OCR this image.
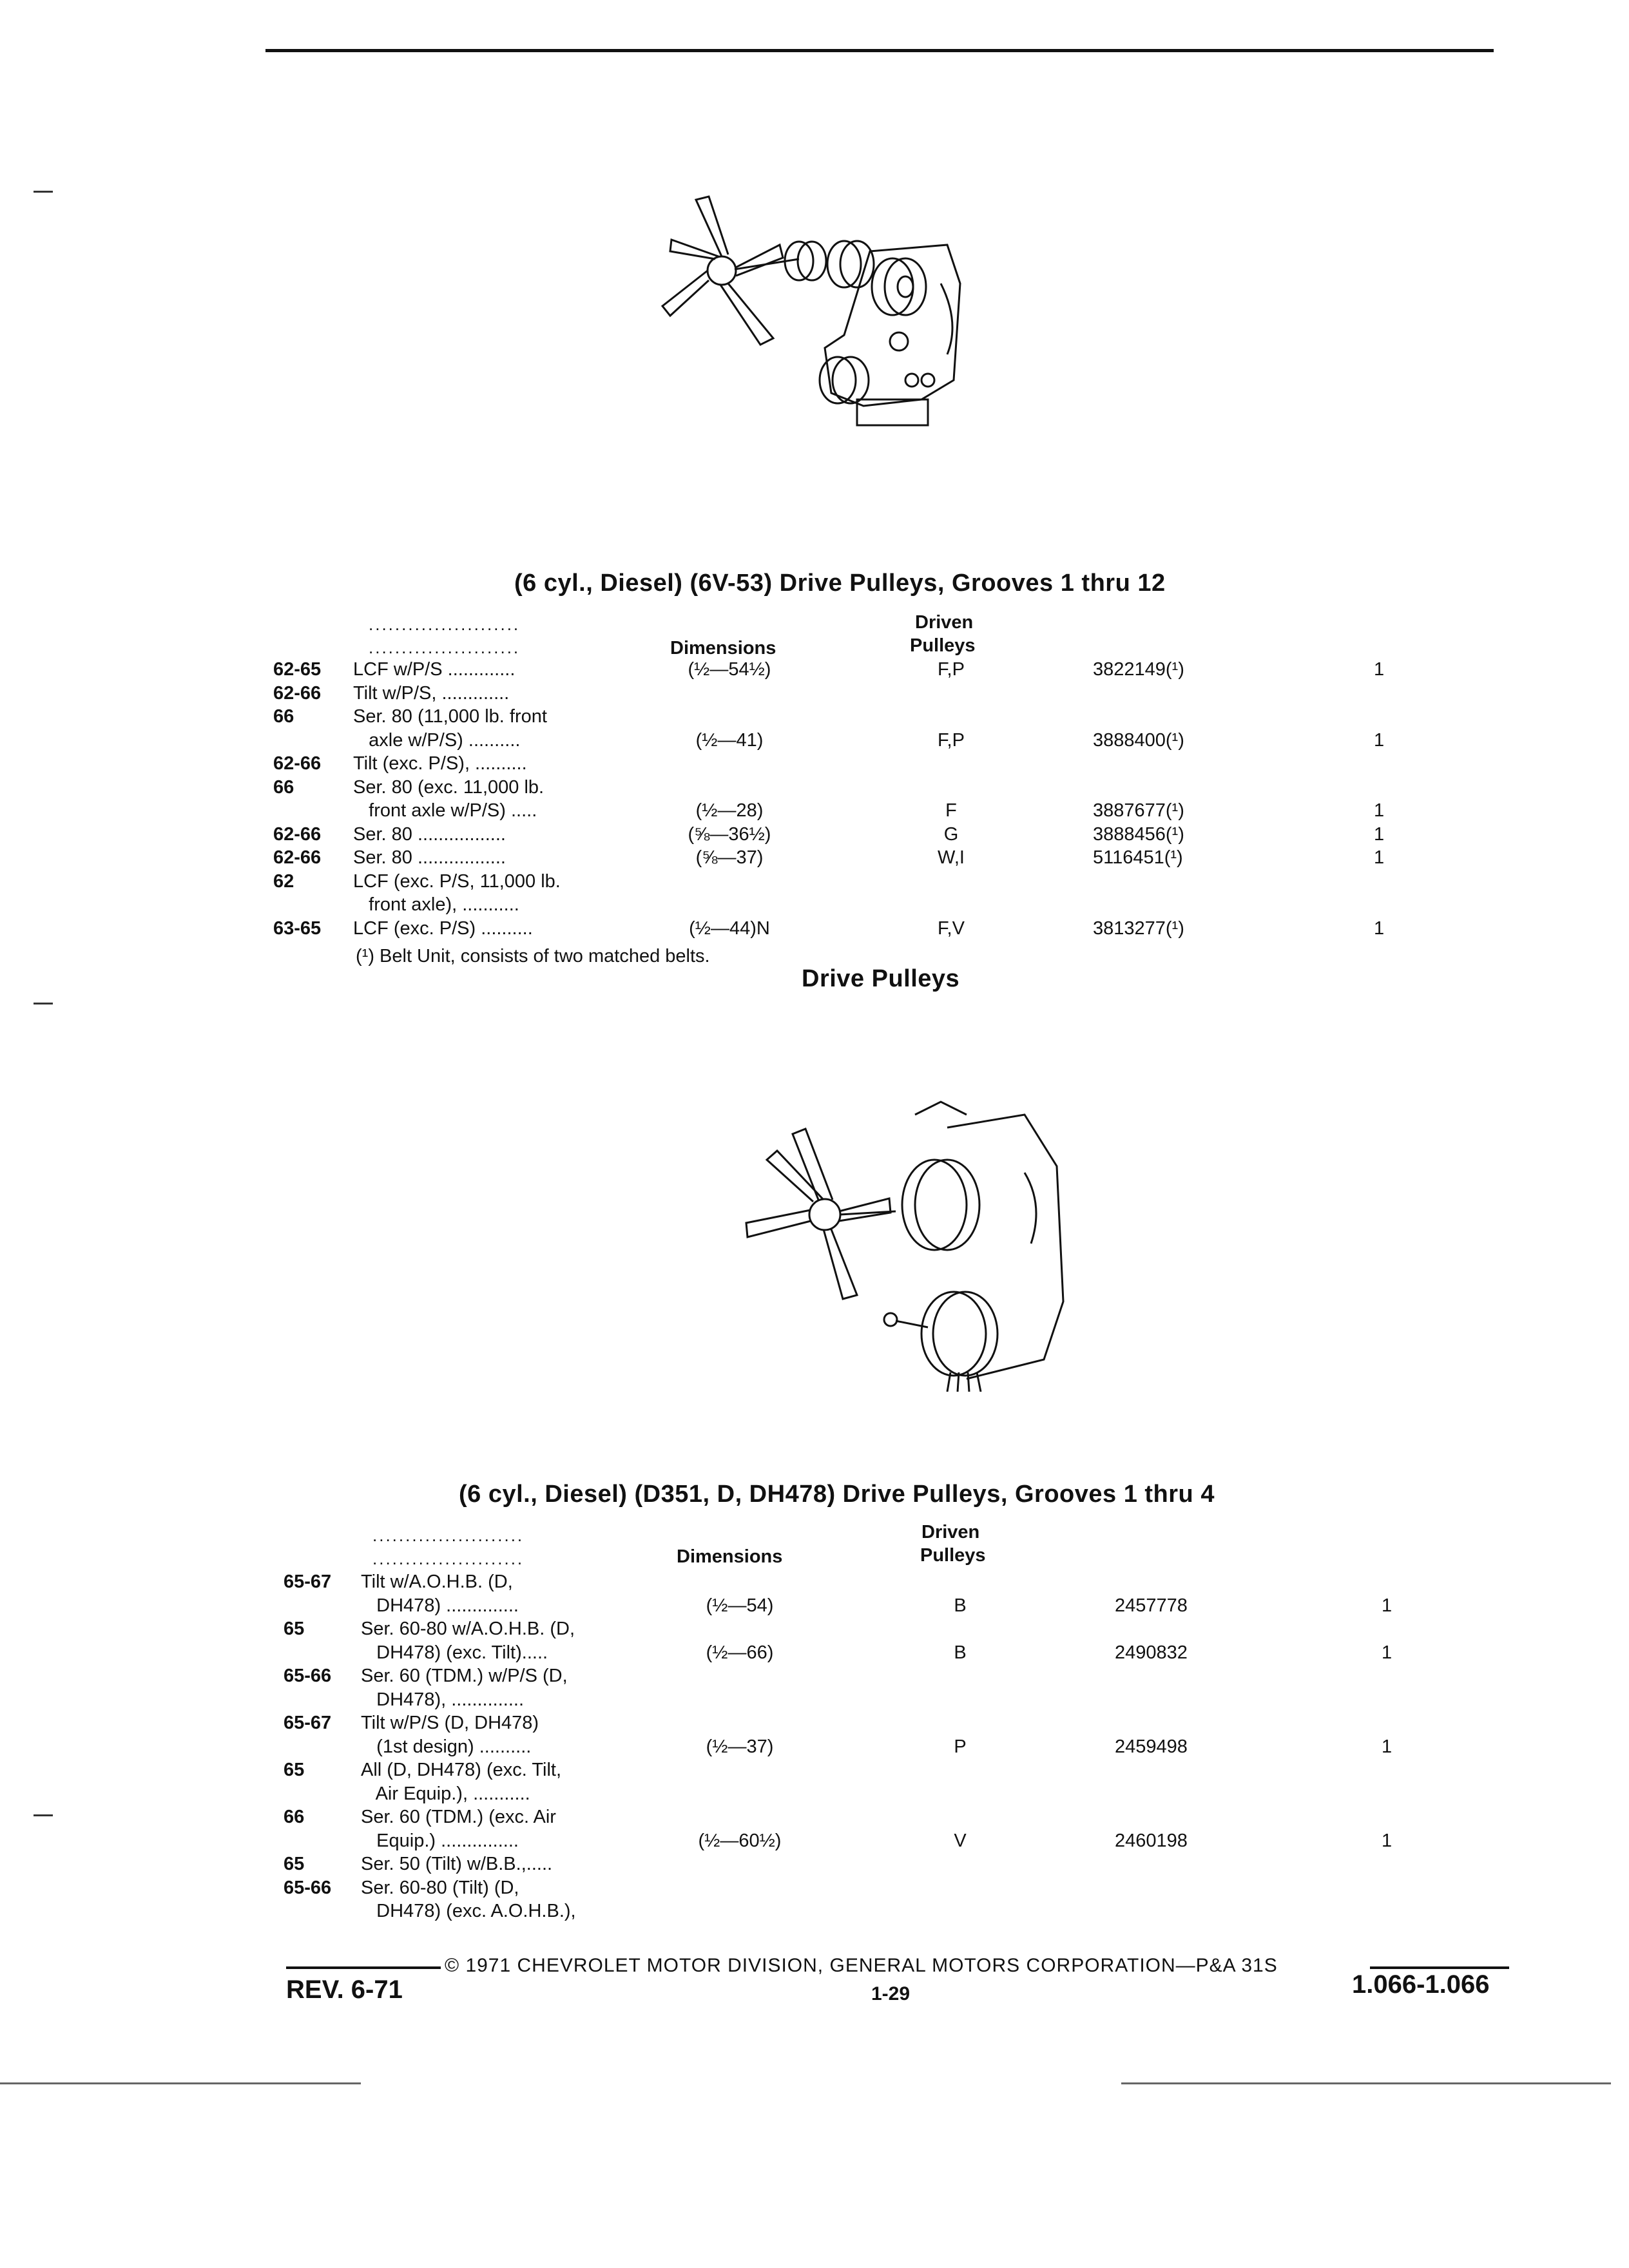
(6 cyl., Diesel) (6V-53) Drive Pulleys, Grooves 1 thru 12
.......................
.......................	Dimensions
Driven
Pulleys
62-65 LCF w/P/S .............	(½—54½)	F,P	3822149(¹)	1
62-66 Tilt w/P/S, .............
66	Ser. 80 (11,000 lb. front
axle w/P/S) ..........	(½—41)	F,P	3888400(¹)	1
62-66 Tilt (exc. P/S), ..........
66	Ser. 80 (exc. 11,000 lb.
front axle w/P/S) .....	(½—28)	F	3887677(¹)	1
62-66 Ser. 80 .................	(⅝—36½)	G	3888456(¹)	1
62-66 Ser. 80 .................	(⅝—37)	W,I	5116451(¹)	1
62	LCF (exc. P/S, 11,000 lb.
front axle), ...........
63-65 LCF (exc. P/S) ..........	(½—44)N	F,V	3813277(¹)	1
(¹) Belt Unit, consists of two matched belts.
Drive Pulleys
(6 cyl., Diesel) (D351, D, DH478) Drive Pulleys, Grooves 1 thru 4
.......................
.......................	Dimensions
Driven
Pulleys
65-67 Tilt w/A.O.H.B. (D,
DH478) ..............	(½—54)	B	2457778	1
65	Ser. 60-80 w/A.O.H.B. (D,
DH478) (exc. Tilt).....	(½—66)	B	2490832	1
65-66 Ser. 60 (TDM.) w/P/S (D,
DH478), ..............
65-67 Tilt w/P/S (D, DH478)
(1st design) ..........	(½—37)	P	2459498	1
65	All (D, DH478) (exc. Tilt,
Air Equip.), ...........
66	Ser. 60 (TDM.) (exc. Air
Equip.) ...............	(½—60½)	V	2460198	1
65	Ser. 50 (Tilt) w/B.B.,.....
65-66 Ser. 60-80 (Tilt) (D,
DH478) (exc. A.O.H.B.),
© 1971 CHEVROLET MOTOR DIVISION, GENERAL MOTORS CORPORATION—P&A 31S
REV. 6-71	1-29	1.066-1.066
